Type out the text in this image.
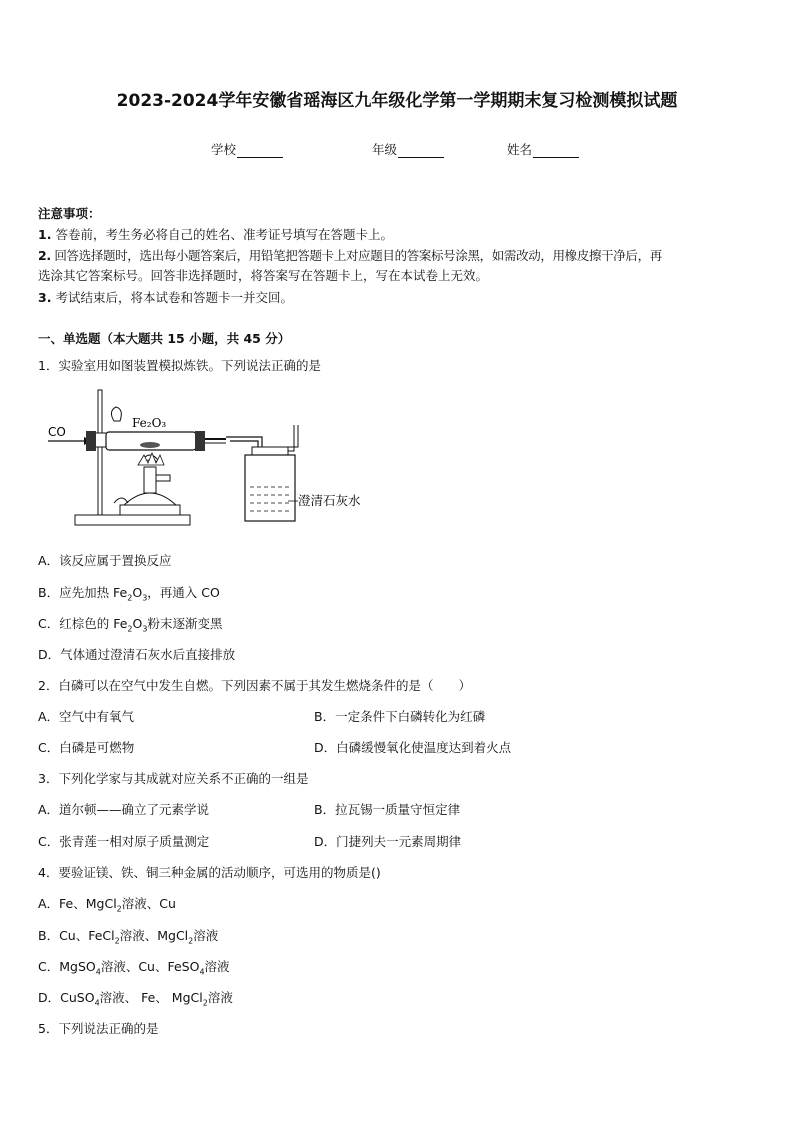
2023-2024学年安徽省瑶海区九年级化学第一学期期末复习检测模拟试题
学校	年级	姓名
注意事项：
1. 答卷前，考生务必将自己的姓名、准考证号填写在答题卡上。
2. 回答选择题时，选出每小题答案后，用铅笔把答题卡上对应题目的答案标号涂黑，如需改动，用橡皮擦干净后，再
选涂其它答案标号。回答非选择题时，将答案写在答题卡上，写在本试卷上无效。
3. 考试结束后，将本试卷和答题卡一并交回。
一、单选题（本大题共 15 小题，共 45 分）
1．实验室用如图装置模拟炼铁。下列说法正确的是
CO
Fe₂O₃
澄清石灰水
A．该反应属于置换反应
B．应先加热 $Fe_2O_3$，再通入 CO
C．红棕色的 $Fe_2O_3$粉末逐渐变黑
D．气体通过澄清石灰水后直接排放
2．白磷可以在空气中发生自燃。下列因素不属于其发生燃烧条件的是（　　）
A．空气中有氧气	B．一定条件下白磷转化为红磷
C．白磷是可燃物	D．白磷缓慢氧化使温度达到着火点
3．下列化学家与其成就对应关系不正确的一组是
A．道尔顿——确立了元素学说	B．拉瓦锡一质量守恒定律
C．张青莲一相对原子质量测定	D．门捷列夫一元素周期律
4．要验证镁、铁、铜三种金属的活动顺序，可选用的物质是()
A．Fe、MgCl$_2$溶液、Cu
B．Cu、FeCl$_2$溶液、MgCl$_2$溶液
C．MgSO$_4$溶液、Cu、FeSO$_4$溶液
D．CuSO$_4$溶液、 Fe、 MgCl$_2$溶液
5．下列说法正确的是
